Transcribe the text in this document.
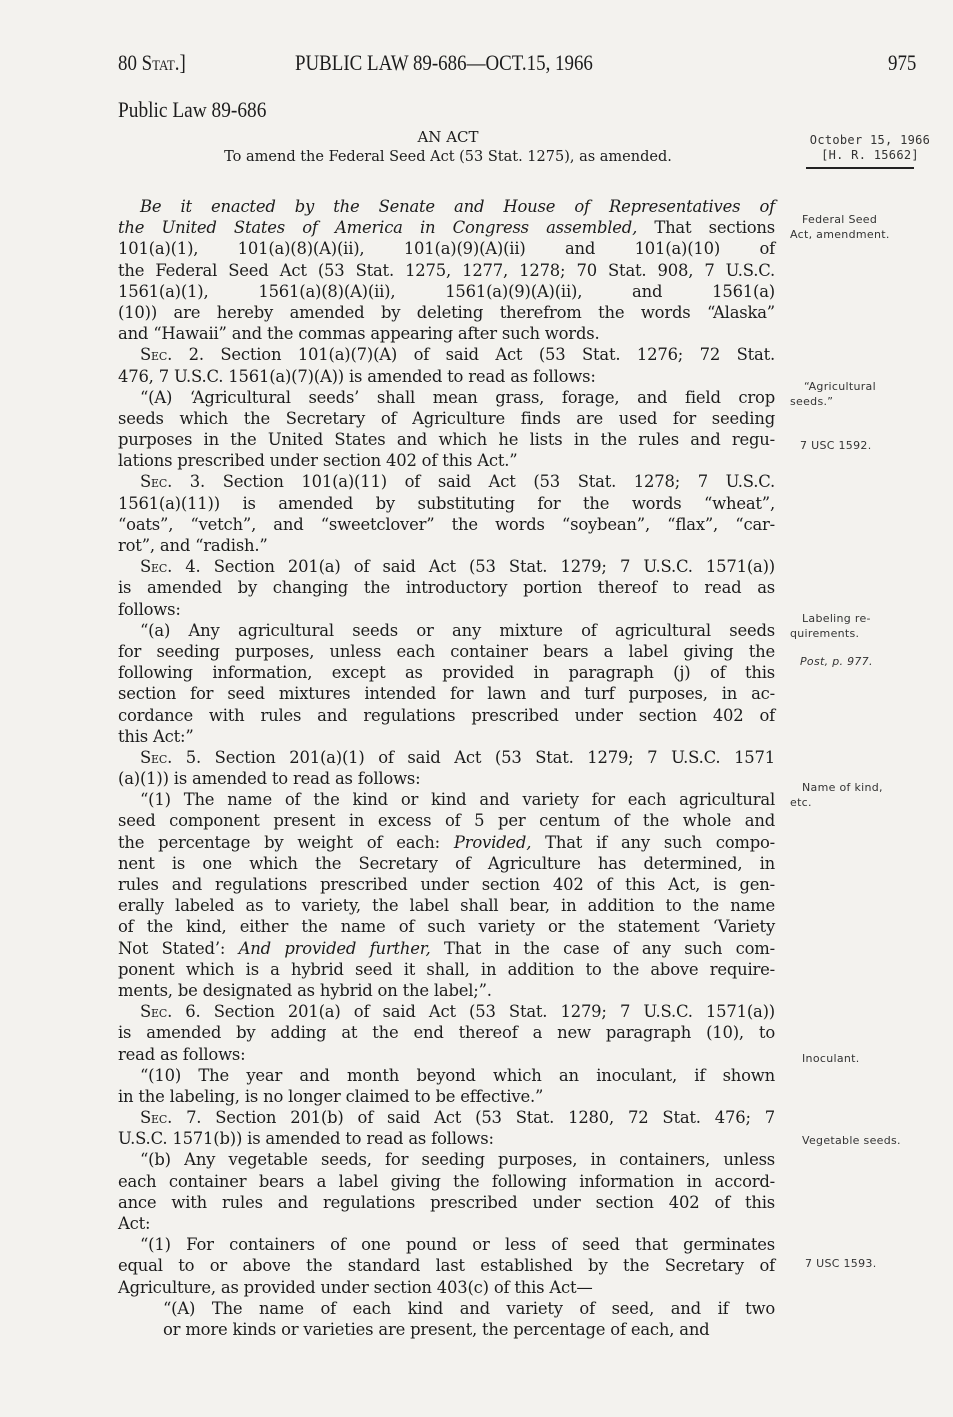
80 Stat.]	PUBLIC LAW 89-686—OCT.15, 1966	975
Public Law 89-686
AN ACT
To amend the Federal Seed Act (53 Stat. 1275), as amended.
October 15, 1966
[H. R. 15662]
Federal Seed
Act, amendment.
“Agricultural
seeds.”
7 USC 1592.
Labeling re-
quirements.
Post, p. 977.
Name of kind,
etc.
Inoculant.
Vegetable seeds.
7 USC 1593.
Be it enacted by the Senate and House of Representatives of
the United States of America in Congress assembled, That sections
101(a)(1), 101(a)(8)(A)(ii), 101(a)(9)(A)(ii) and 101(a)(10) of
the Federal Seed Act (53 Stat. 1275, 1277, 1278; 70 Stat. 908, 7 U.S.C.
1561(a)(1), 1561(a)(8)(A)(ii), 1561(a)(9)(A)(ii), and 1561(a)
(10)) are hereby amended by deleting therefrom the words “Alaska”
and “Hawaii” and the commas appearing after such words.
Sec. 2. Section 101(a)(7)(A) of said Act (53 Stat. 1276; 72 Stat.
476, 7 U.S.C. 1561(a)(7)(A)) is amended to read as follows:
“(A) ‘Agricultural seeds’ shall mean grass, forage, and field crop
seeds which the Secretary of Agriculture finds are used for seeding
purposes in the United States and which he lists in the rules and regu-
lations prescribed under section 402 of this Act.”
Sec. 3. Section 101(a)(11) of said Act (53 Stat. 1278; 7 U.S.C.
1561(a)(11)) is amended by substituting for the words “wheat”,
“oats”, “vetch”, and “sweetclover” the words “soybean”, “flax”, “car-
rot”, and “radish.”
Sec. 4. Section 201(a) of said Act (53 Stat. 1279; 7 U.S.C. 1571(a))
is amended by changing the introductory portion thereof to read as
follows:
“(a) Any agricultural seeds or any mixture of agricultural seeds
for seeding purposes, unless each container bears a label giving the
following information, except as provided in paragraph (j) of this
section for seed mixtures intended for lawn and turf purposes, in ac-
cordance with rules and regulations prescribed under section 402 of
this Act:”
Sec. 5. Section 201(a)(1) of said Act (53 Stat. 1279; 7 U.S.C. 1571
(a)(1)) is amended to read as follows:
“(1) The name of the kind or kind and variety for each agricultural
seed component present in excess of 5 per centum of the whole and
the percentage by weight of each: Provided, That if any such compo-
nent is one which the Secretary of Agriculture has determined, in
rules and regulations prescribed under section 402 of this Act, is gen-
erally labeled as to variety, the label shall bear, in addition to the name
of the kind, either the name of such variety or the statement ‘Variety
Not Stated’: And provided further, That in the case of any such com-
ponent which is a hybrid seed it shall, in addition to the above require-
ments, be designated as hybrid on the label;”.
Sec. 6. Section 201(a) of said Act (53 Stat. 1279; 7 U.S.C. 1571(a))
is amended by adding at the end thereof a new paragraph (10), to
read as follows:
“(10) The year and month beyond which an inoculant, if shown
in the labeling, is no longer claimed to be effective.”
Sec. 7. Section 201(b) of said Act (53 Stat. 1280, 72 Stat. 476; 7
U.S.C. 1571(b)) is amended to read as follows:
“(b) Any vegetable seeds, for seeding purposes, in containers, unless
each container bears a label giving the following information in accord-
ance with rules and regulations prescribed under section 402 of this
Act:
“(1) For containers of one pound or less of seed that germinates
equal to or above the standard last established by the Secretary of
Agriculture, as provided under section 403(c) of this Act—
“(A) The name of each kind and variety of seed, and if two
or more kinds or varieties are present, the percentage of each, and
